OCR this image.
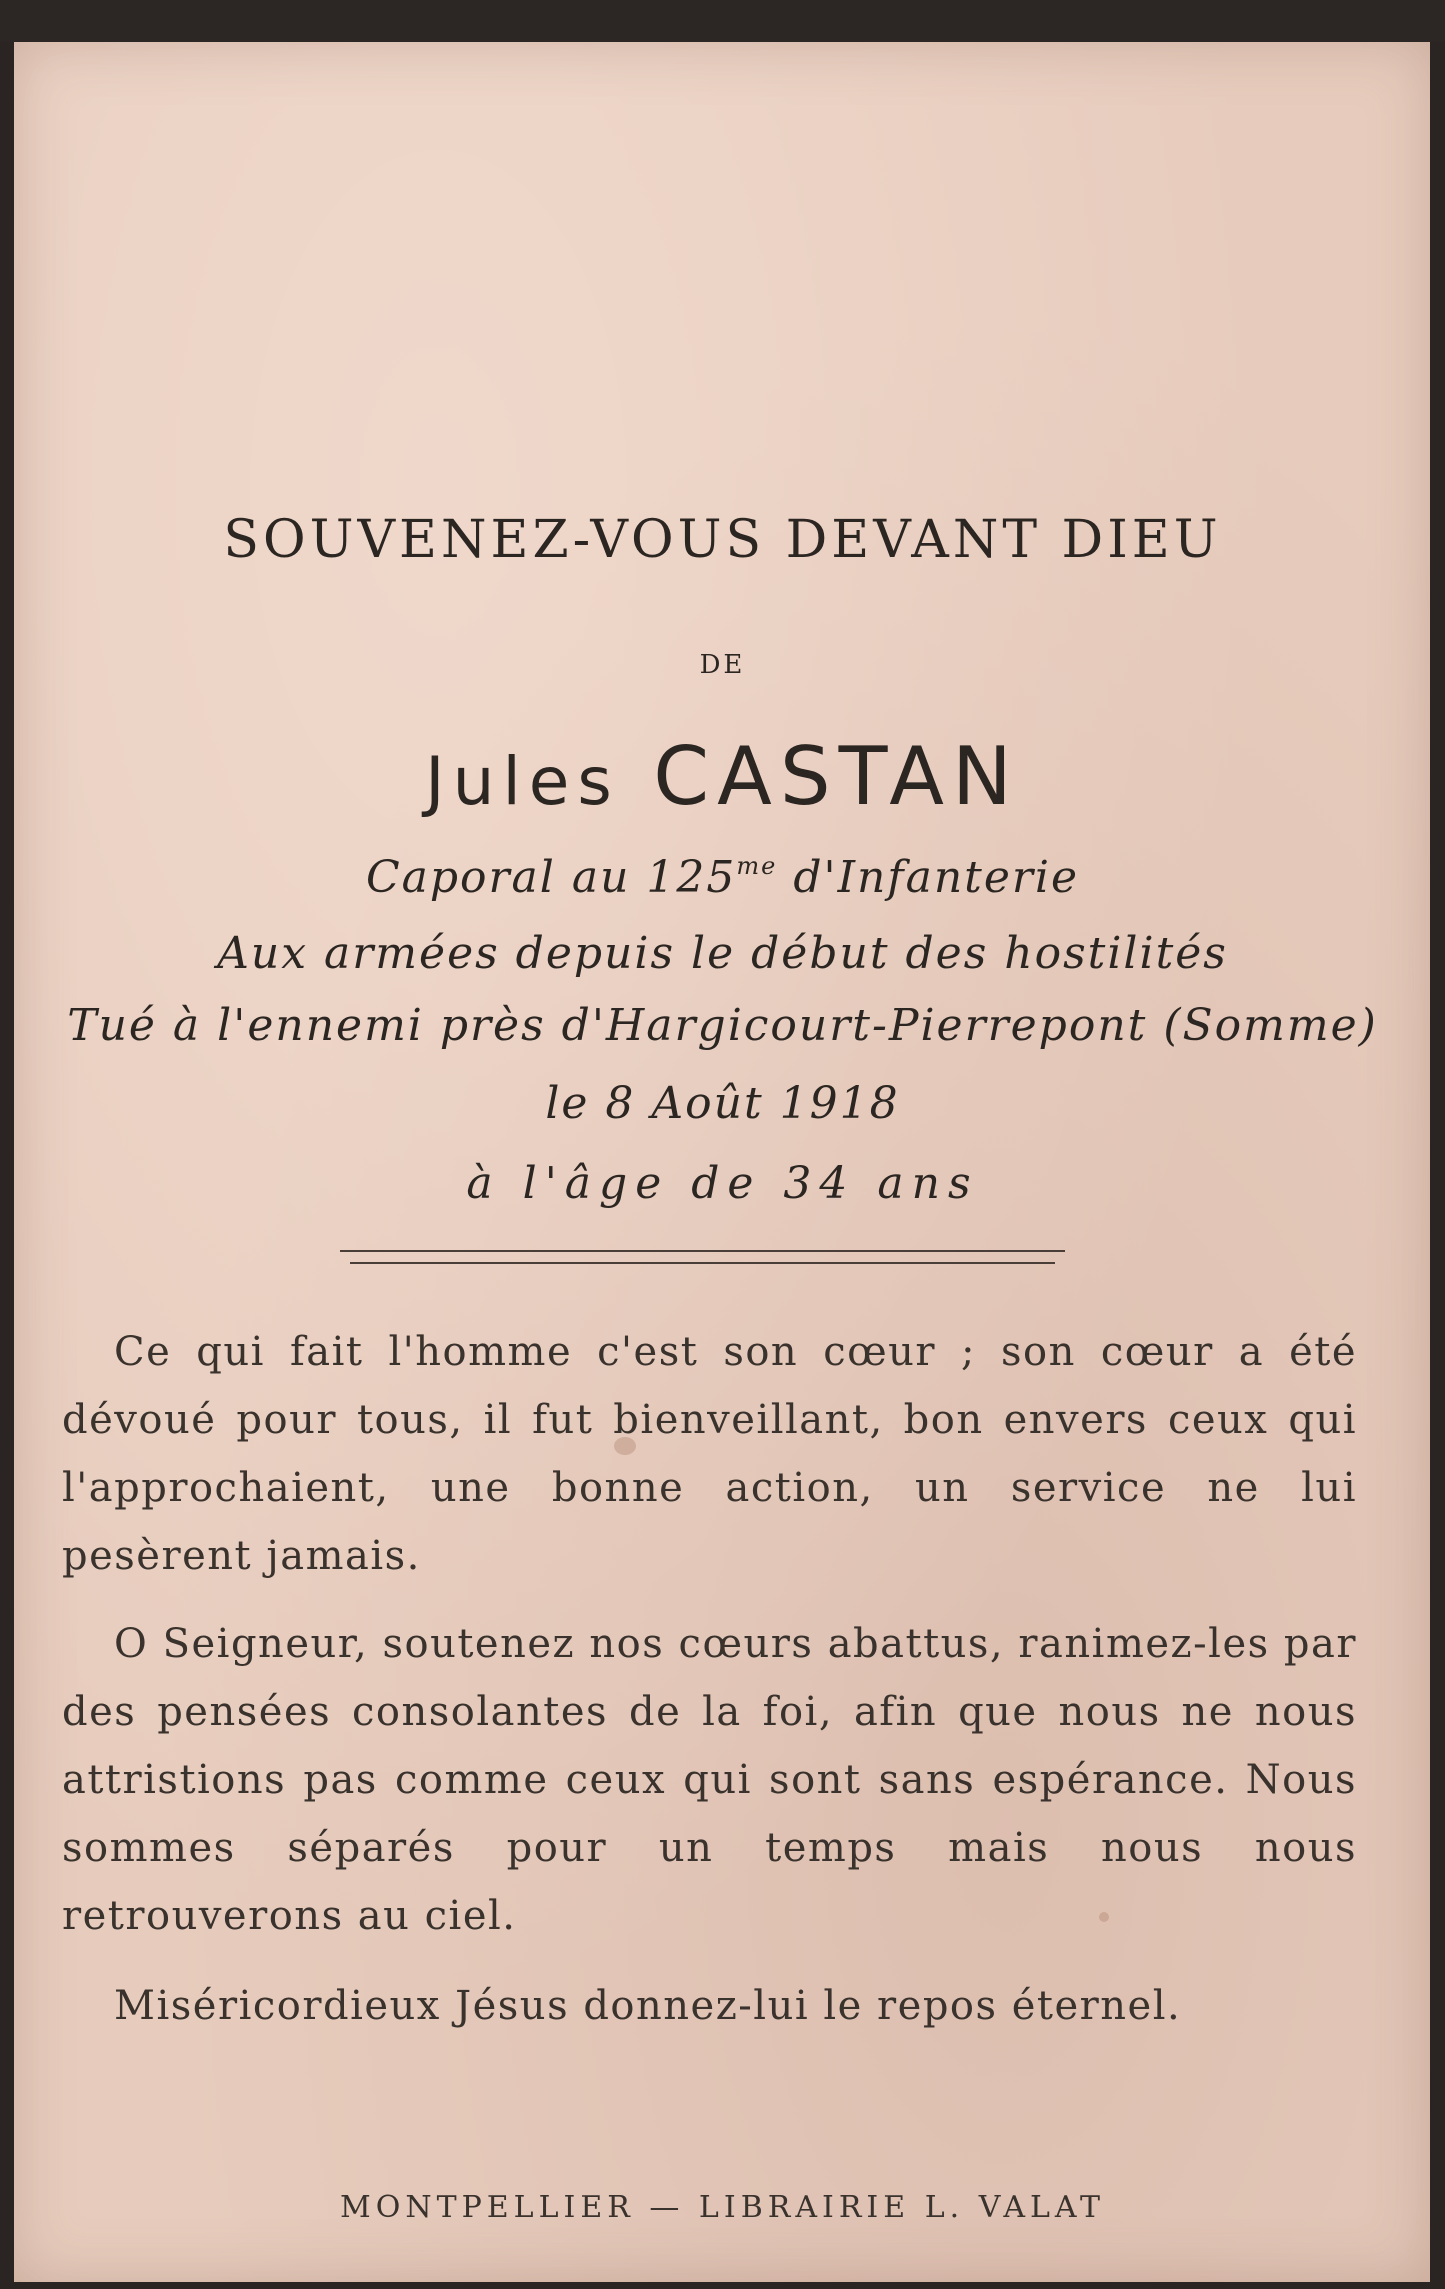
SOUVENEZ-VOUS DEVANT DIEU
DE
Jules CASTAN
Caporal au $125^{me}$ d'Infanterie
Aux armées depuis le début des hostilités
Tué à l'ennemi près d'Hargicourt-Pierrepont (Somme)
le 8 Août 1918
à l'âge de 34 ans
Ce qui fait l'homme c'est son cœur ; son cœur a été dévoué pour tous, il fut bienveillant, bon envers ceux qui l'approchaient, une bonne action, un service ne lui pesèrent jamais.
O Seigneur, soutenez nos cœurs abattus, ranimez-les par des pensées consolantes de la foi, afin que nous ne nous attristions pas comme ceux qui sont sans espérance. Nous sommes séparés pour un temps mais nous nous retrouverons au ciel.
Miséricordieux Jésus donnez-lui le repos éternel.
MONTPELLIER — LIBRAIRIE L. VALAT
